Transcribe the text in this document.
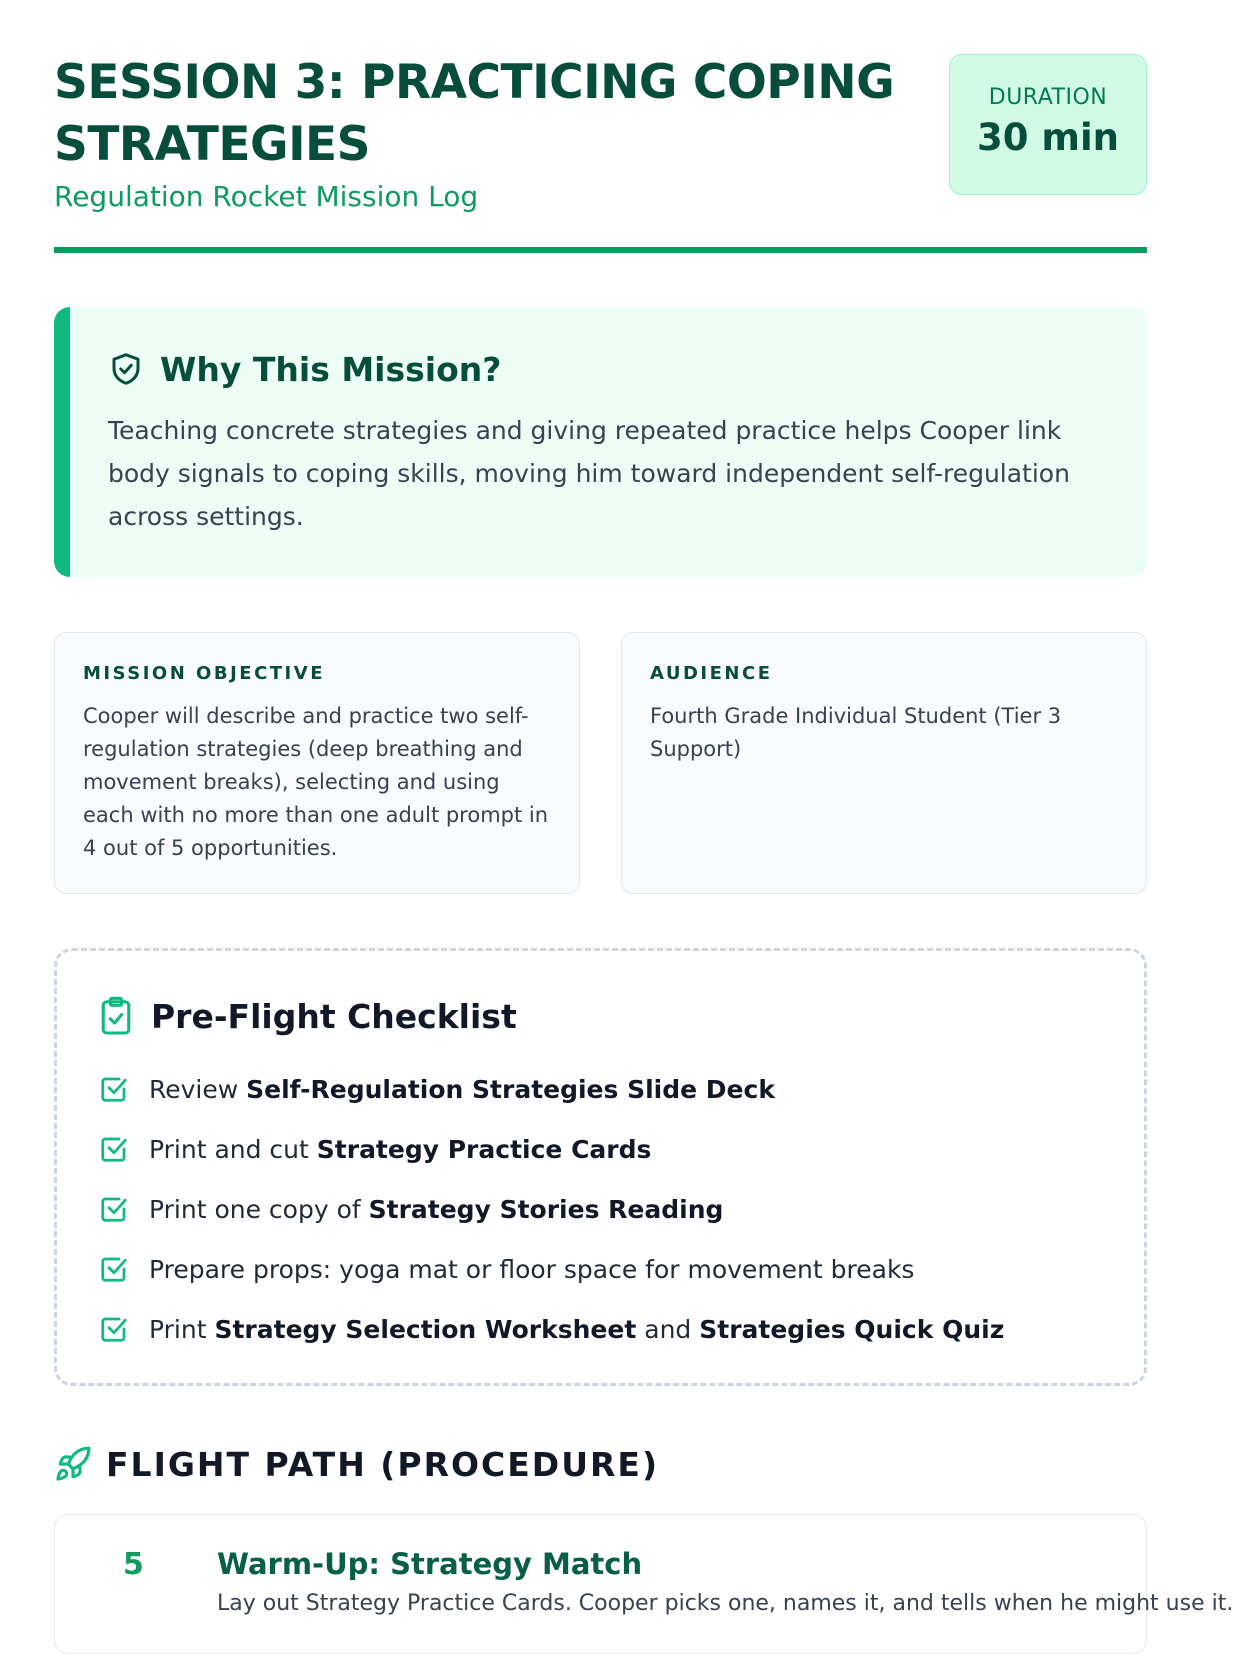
SESSION 3: PRACTICING COPING STRATEGIES
Regulation Rocket Mission Log
DURATION
30 min
Why This Mission?
Teaching concrete strategies and giving repeated practice helps Cooper link body signals to coping skills, moving him toward independent self-regulation across settings.
MISSION OBJECTIVE
Cooper will describe and practice two self-regulation strategies (deep breathing and movement breaks), selecting and using each with no more than one adult prompt in 4 out of 5 opportunities.
AUDIENCE
Fourth Grade Individual Student (Tier 3 Support)
Pre-Flight Checklist
Review Self-Regulation Strategies Slide Deck
Print and cut Strategy Practice Cards
Print one copy of Strategy Stories Reading
Prepare props: yoga mat or floor space for movement breaks
Print Strategy Selection Worksheet and Strategies Quick Quiz
FLIGHT PATH (PROCEDURE)
5	Warm-Up: Strategy Match
Lay out Strategy Practice Cards. Cooper picks one, names it, and tells when he might use it.
